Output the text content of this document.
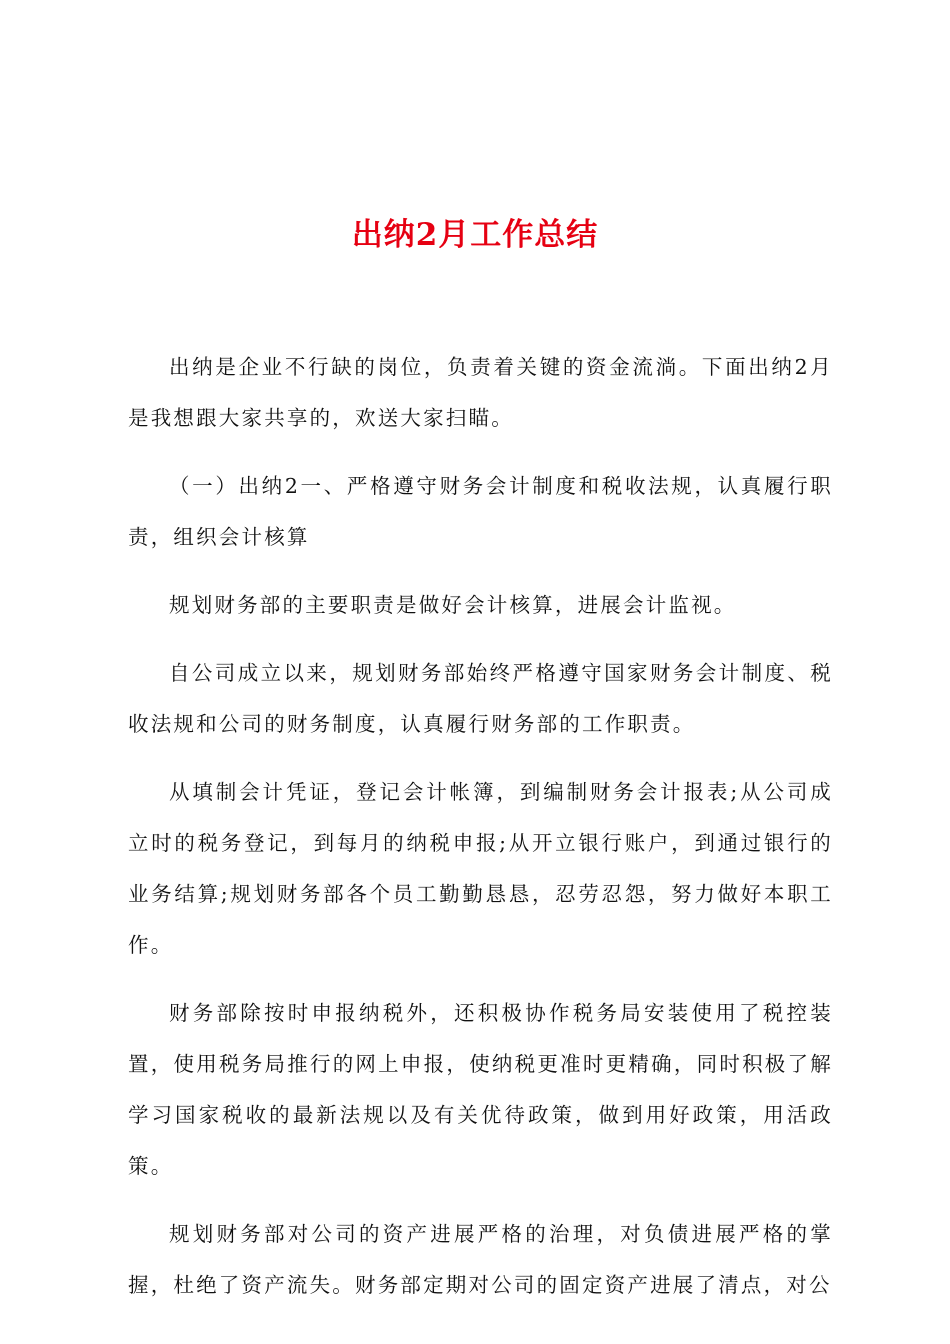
出纳2月工作总结

出纳是企业不行缺的岗位，负责着关键的资金流淌。下面出纳2月是我想跟大家共享的，欢送大家扫瞄。

（一）出纳2一、严格遵守财务会计制度和税收法规，认真履行职责，组织会计核算

规划财务部的主要职责是做好会计核算，进展会计监视。

自公司成立以来，规划财务部始终严格遵守国家财务会计制度、税收法规和公司的财务制度，认真履行财务部的工作职责。

从填制会计凭证，登记会计帐簿，到编制财务会计报表;从公司成立时的税务登记，到每月的纳税申报;从开立银行账户，到通过银行的业务结算;规划财务部各个员工勤勤恳恳，忍劳忍怨，努力做好本职工作。

财务部除按时申报纳税外，还积极协作税务局安装使用了税控装置，使用税务局推行的网上申报，使纳税更准时更精确，同时积极了解学习国家税收的最新法规以及有关优待政策，做到用好政策，用活政策。

规划财务部对公司的资产进展严格的治理，对负债进展严格的掌握，杜绝了资产流失。财务部定期对公司的固定资产进展了清点，对公
